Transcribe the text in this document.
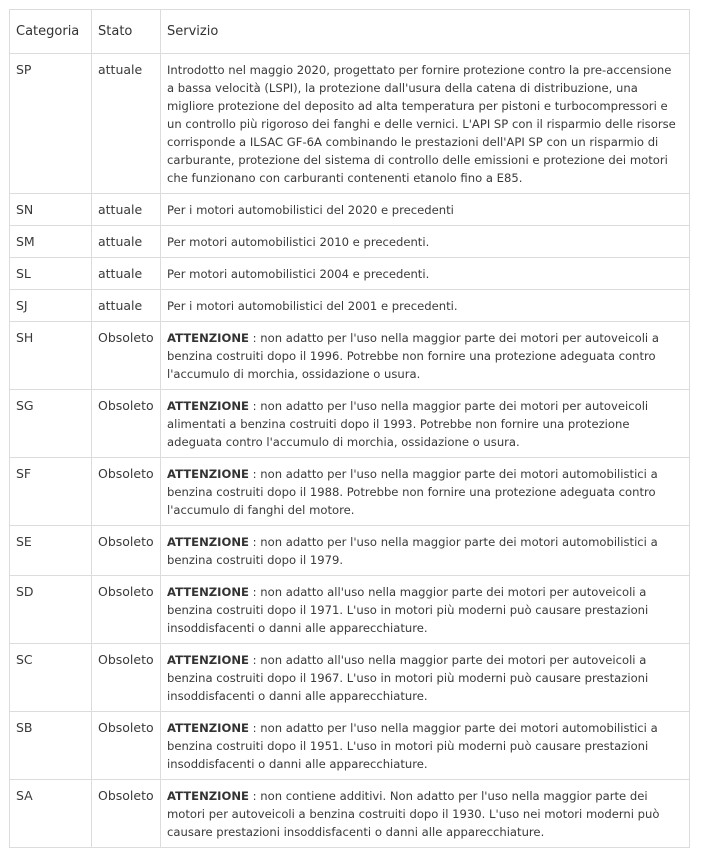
Categoria	Stato	Servizio
SP	attuale	Introdotto nel maggio 2020, progettato per fornire protezione contro la pre-accensione a bassa velocità (LSPI), la protezione dall'usura della catena di distribuzione, una migliore protezione del deposito ad alta temperatura per pistoni e turbocompressori e un controllo più rigoroso dei fanghi e delle vernici. L'API SP con il risparmio delle risorse corrisponde a ILSAC GF-6A combinando le prestazioni dell'API SP con un risparmio di carburante, protezione del sistema di controllo delle emissioni e protezione dei motori che funzionano con carburanti contenenti etanolo fino a E85.
SN	attuale	Per i motori automobilistici del 2020 e precedenti
SM	attuale	Per motori automobilistici 2010 e precedenti.
SL	attuale	Per motori automobilistici 2004 e precedenti.
SJ	attuale	Per i motori automobilistici del 2001 e precedenti.
SH	Obsoleto	ATTENZIONE : non adatto per l'uso nella maggior parte dei motori per autoveicoli a benzina costruiti dopo il 1996. Potrebbe non fornire una protezione adeguata contro l'accumulo di morchia, ossidazione o usura.
SG	Obsoleto	ATTENZIONE : non adatto per l'uso nella maggior parte dei motori per autoveicoli alimentati a benzina costruiti dopo il 1993. Potrebbe non fornire una protezione adeguata contro l'accumulo di morchia, ossidazione o usura.
SF	Obsoleto	ATTENZIONE : non adatto per l'uso nella maggior parte dei motori automobilistici a benzina costruiti dopo il 1988. Potrebbe non fornire una protezione adeguata contro l'accumulo di fanghi del motore.
SE	Obsoleto	ATTENZIONE : non adatto per l'uso nella maggior parte dei motori automobilistici a benzina costruiti dopo il 1979.
SD	Obsoleto	ATTENZIONE : non adatto all'uso nella maggior parte dei motori per autoveicoli a benzina costruiti dopo il 1971. L'uso in motori più moderni può causare prestazioni insoddisfacenti o danni alle apparecchiature.
SC	Obsoleto	ATTENZIONE : non adatto all'uso nella maggior parte dei motori per autoveicoli a benzina costruiti dopo il 1967. L'uso in motori più moderni può causare prestazioni insoddisfacenti o danni alle apparecchiature.
SB	Obsoleto	ATTENZIONE : non adatto per l'uso nella maggior parte dei motori automobilistici a benzina costruiti dopo il 1951. L'uso in motori più moderni può causare prestazioni insoddisfacenti o danni alle apparecchiature.
SA	Obsoleto	ATTENZIONE : non contiene additivi. Non adatto per l'uso nella maggior parte dei motori per autoveicoli a benzina costruiti dopo il 1930. L'uso nei motori moderni può causare prestazioni insoddisfacenti o danni alle apparecchiature.
